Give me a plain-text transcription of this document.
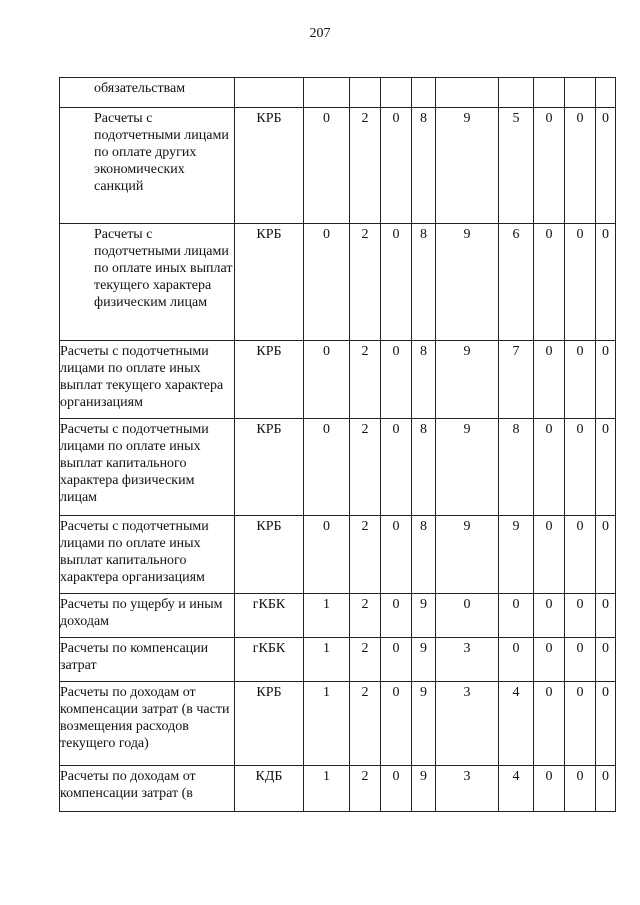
207
обязательствам										
Расчеты с подотчетными лицами по оплате других экономических санкций	КРБ	0	2	0	8	9	5	0	0	0
Расчеты с подотчетными лицами по оплате иных выплат текущего характера физическим лицам	КРБ	0	2	0	8	9	6	0	0	0
Расчеты с подотчетными лицами по оплате иных выплат текущего характера организациям	КРБ	0	2	0	8	9	7	0	0	0
Расчеты с подотчетными лицами по оплате иных выплат капитального характера физическим лицам	КРБ	0	2	0	8	9	8	0	0	0
Расчеты с подотчетными лицами по оплате иных выплат капитального характера организациям	КРБ	0	2	0	8	9	9	0	0	0
Расчеты по ущербу и иным доходам	гКБК	1	2	0	9	0	0	0	0	0
Расчеты по компенсации затрат	гКБК	1	2	0	9	3	0	0	0	0
Расчеты по доходам от компенсации затрат (в части возмещения расходов текущего года)	КРБ	1	2	0	9	3	4	0	0	0
Расчеты по доходам от компенсации затрат (в	КДБ	1	2	0	9	3	4	0	0	0
